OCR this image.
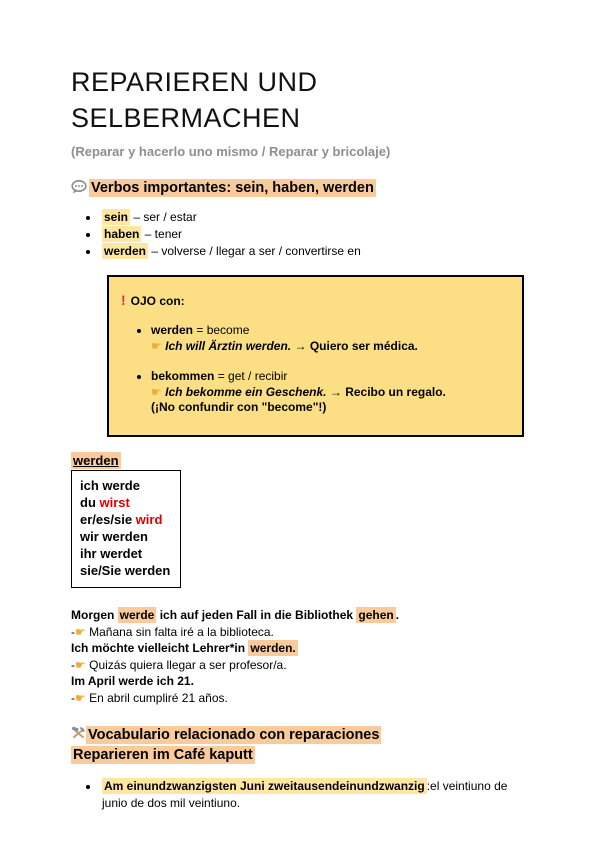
REPARIEREN UND
SELBERMACHEN
(Reparar y hacerlo uno mismo / Reparar y bricolaje)
Verbos importantes: sein, haben, werden
• sein – ser / estar
• haben – tener
• werden – volverse / llegar a ser / convertirse en

! OJO con:

• werden = become
☛ Ich will Ärztin werden. → Quiero ser médica.
• bekommen = get / recibir
☛ Ich bekomme ein Geschenk. → Recibo un regalo.
(¡No confundir con "become"!)

werden

ich werde
du wirst
er/es/sie wird
wir werden
ihr werdet
sie/Sie werden

Morgen werde ich auf jeden Fall in die Bibliothek gehen .

-☛ Mañana sin falta iré a la biblioteca.

Ich möchte vielleicht Lehrer*in werden.

-☛ Quizás quiera llegar a ser profesor/a.

Im April werde ich 21.

-☛ En abril cumpliré 21 años.

Vocabulario relacionado con reparaciones
Reparieren im Café kaputt
• Am einundzwanzigsten Juni zweitausendeinundzwanzig :el veintiuno de junio de dos mil veintiuno.
